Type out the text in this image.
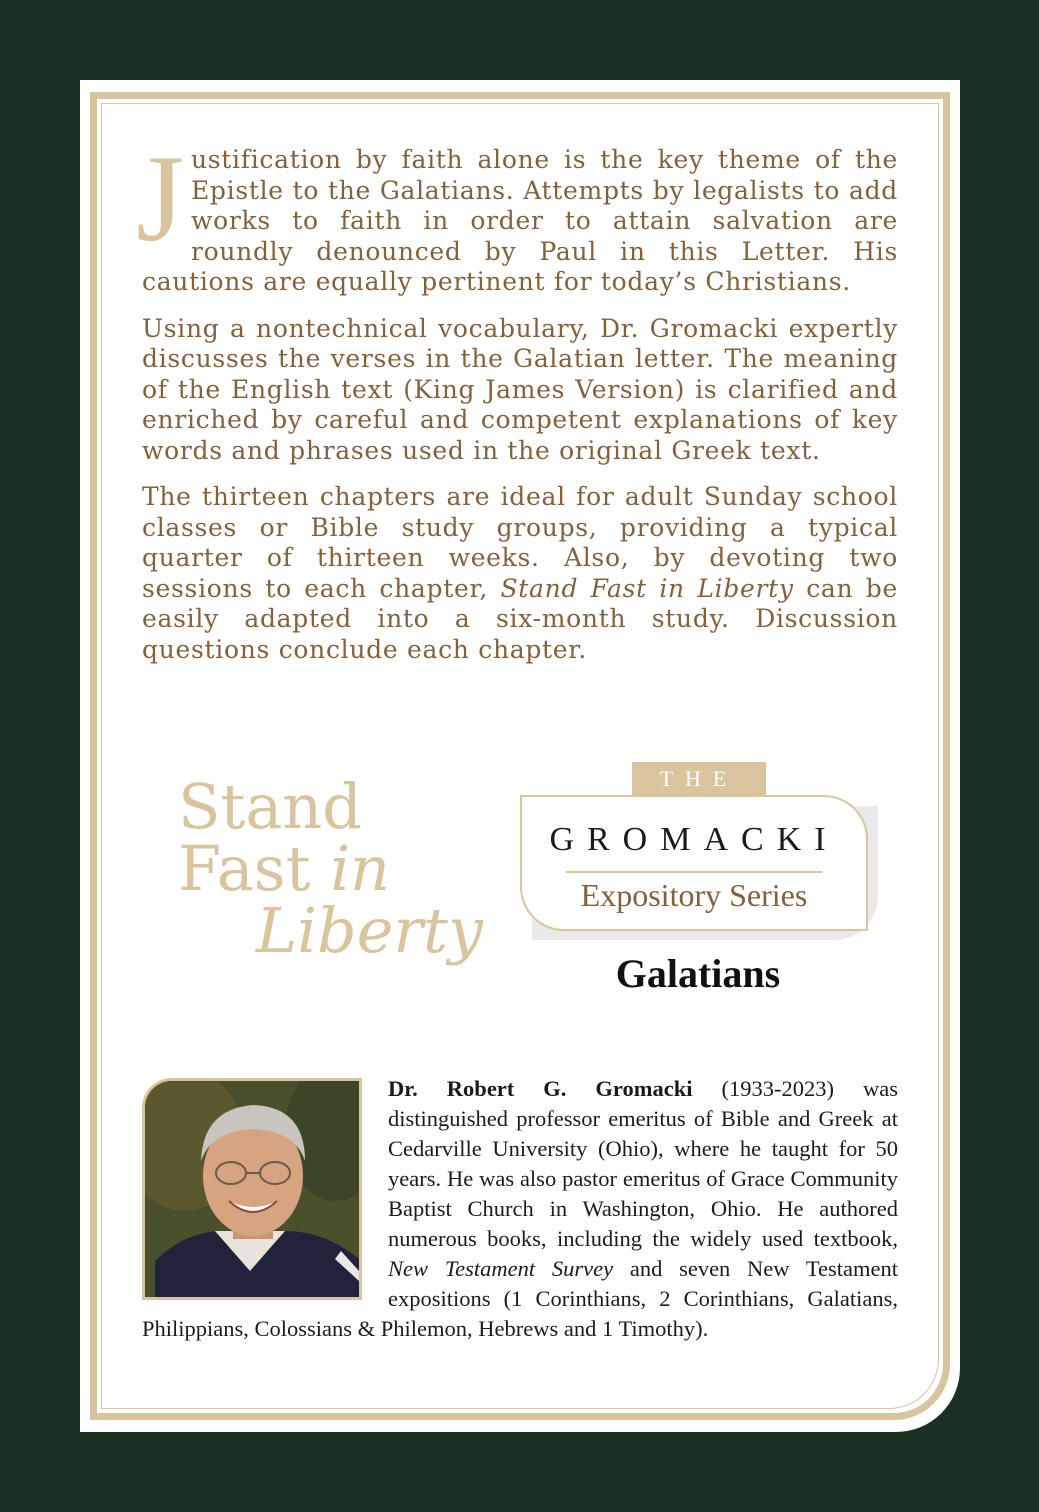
Justification by faith alone is the key theme of the Epistle to the Galatians. Attempts by legalists to add works to faith in order to attain salvation are roundly denounced by Paul in this Letter. His cautions are equally pertinent for today’s Christians.

Using a nontechnical vocabulary, Dr. Gromacki expertly discusses the verses in the Galatian letter. The meaning of the English text (King James Version) is clarified and enriched by careful and competent explanations of key words and phrases used in the original Greek text.

The thirteen chapters are ideal for adult Sunday school classes or Bible study groups, providing a typical quarter of thirteen weeks. Also, by devoting two sessions to each chapter, Stand Fast in Liberty can be easily adapted into a six-month study. Discussion questions conclude each chapter.

Stand
Fast in
Liberty
THE
GROMACKI
Expository Series
Galatians
Dr. Robert G. Gromacki (1933-2023) was distinguished professor emeritus of Bible and Greek at Cedarville University (Ohio), where he taught for 50 years. He was also pastor emeritus of Grace Community Baptist Church in Washington, Ohio. He authored numerous books, including the widely used textbook, New Testament Survey and seven New Testament expositions (1 Corinthians, 2 Corinthians, Galatians, Philippians, Colossians & Philemon, Hebrews and 1 Timothy).
